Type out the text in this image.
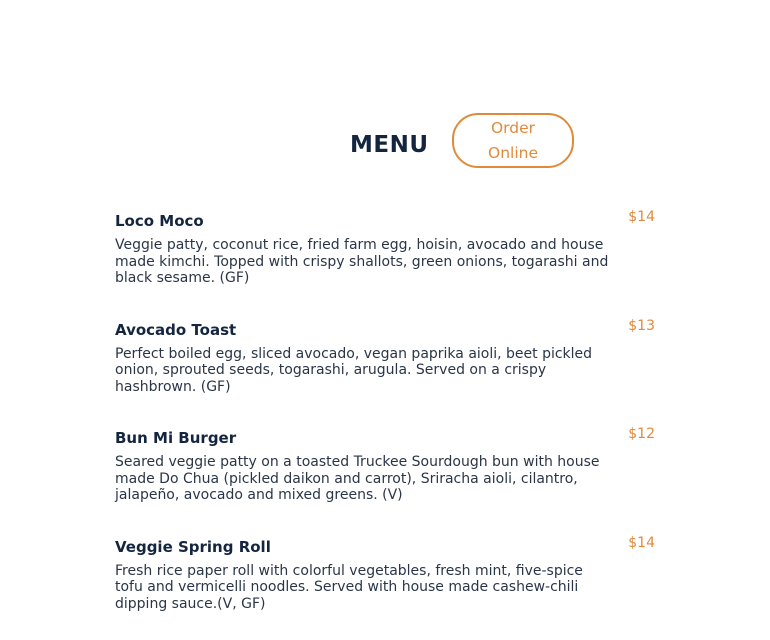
MENU
Order Online
Loco Moco	$14
Veggie patty, coconut rice, fried farm egg, hoisin, avocado and house made kimchi. Topped with crispy shallots, green onions, togarashi and black sesame. (GF)
Avocado Toast	$13
Perfect boiled egg, sliced avocado, vegan paprika aioli, beet pickled onion, sprouted seeds, togarashi, arugula. Served on a crispy hashbrown. (GF)
Bun Mi Burger	$12
Seared veggie patty on a toasted Truckee Sourdough bun with house made Do Chua (pickled daikon and carrot), Sriracha aioli, cilantro, jalapeño, avocado and mixed greens. (V)
Veggie Spring Roll	$14
Fresh rice paper roll with colorful vegetables, fresh mint, five-spice tofu and vermicelli noodles. Served with house made cashew-chili dipping sauce.(V, GF)
